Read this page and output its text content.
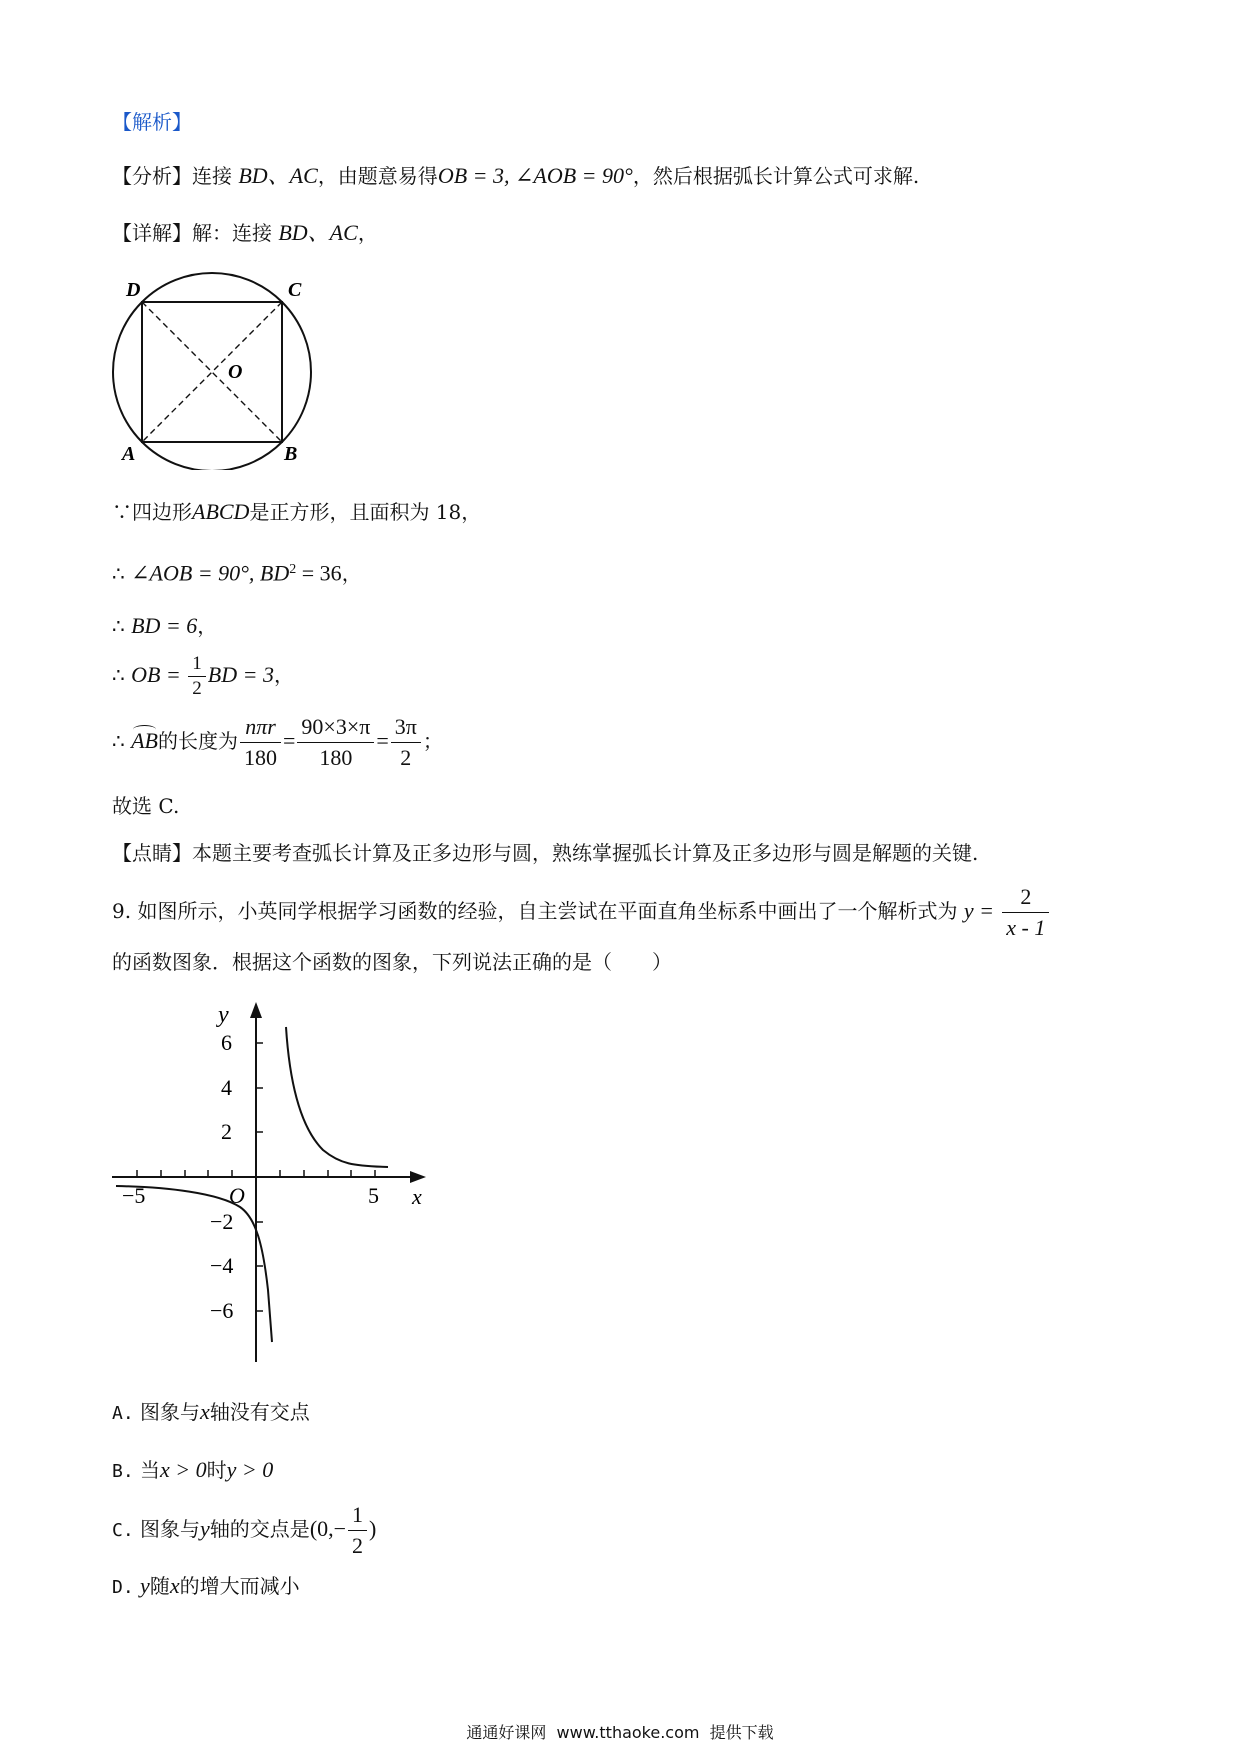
【解析】
【分析】连接 BD、AC，由题意易得OB = 3, ∠AOB = 90°，然后根据弧长计算公式可求解.
【详解】解：连接 BD、AC，
D	C
A	B
O
∵四边形ABCD是正方形，且面积为 18，
∴ ∠AOB = 90°, $BD^2 = 36$，
∴ BD = 6，
∴ OB = $\frac{1}{2}$ BD = 3，
∴ AB的长度为 $\frac{\text{nπr}}{180} = \frac{90\times 3\times\pi}{180} = \frac{3\pi}{2}$ ；
故选 C.
【点睛】本题主要考查弧长计算及正多边形与圆，熟练掌握弧长计算及正多边形与圆是解题的关键.
9. 如图所示，小英同学根据学习函数的经验，自主尝试在平面直角坐标系中画出了一个解析式为 $y = \frac{2}{x - 1}$
的函数图象．根据这个函数的图象，下列说法正确的是（　　）
y
x
O
6
4
2
−2
−4
−6
−5	5
A. 图象与x轴没有交点
B. 当x > 0时y > 0
C. 图象与y轴的交点是($0,- \frac{1}{2}$ )
D. y随x的增大而减小
通通好课网  www.tthaoke.com  提供下载
